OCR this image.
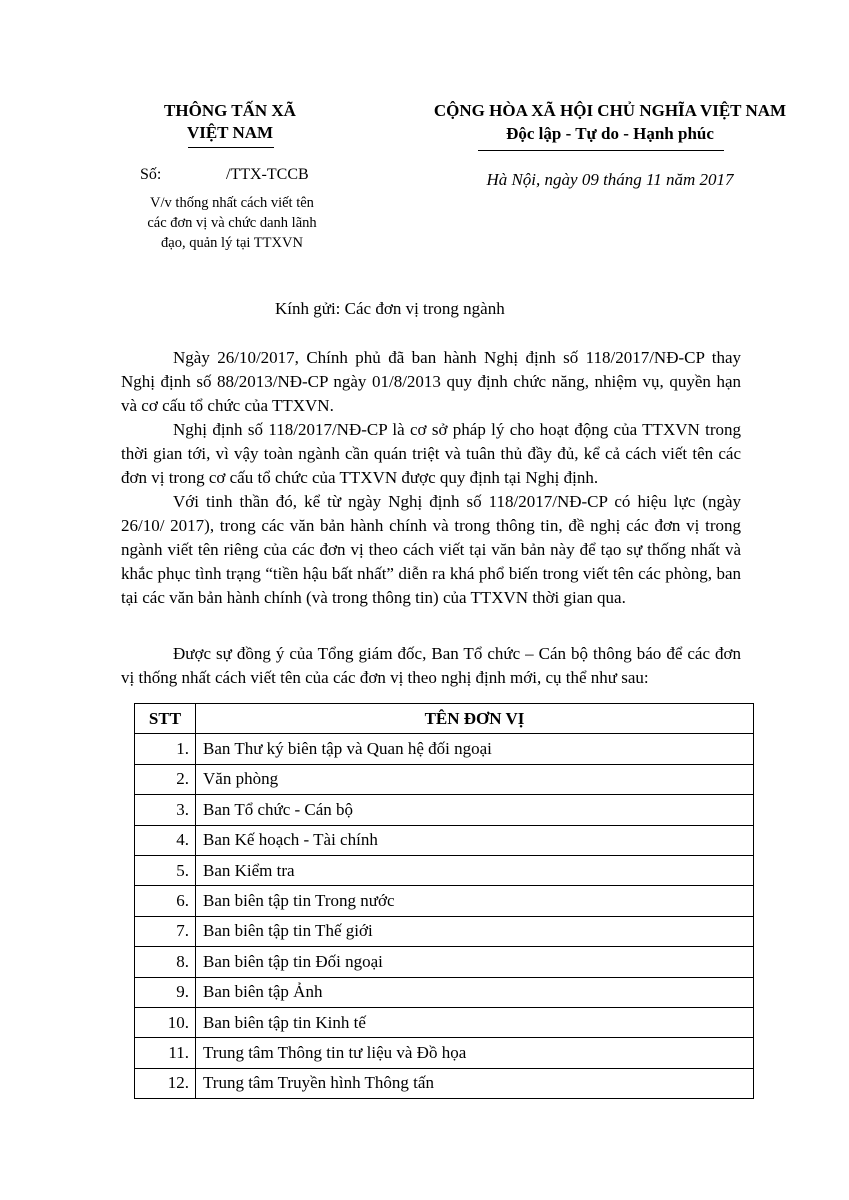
THÔNG TẤN XÃ
VIỆT NAM
Số:	/TTX-TCCB
V/v thống nhất cách viết tên
các đơn vị và chức danh lãnh
đạo, quản lý tại TTXVN
CỘNG HÒA XÃ HỘI CHỦ NGHĨA VIỆT NAM
Độc lập - Tự do - Hạnh phúc
Hà Nội, ngày 09 tháng 11 năm 2017
Kính gửi: Các đơn vị trong ngành
Ngày 26/10/2017, Chính phủ đã ban hành Nghị định số 118/2017/NĐ-CP thay Nghị định số 88/2013/NĐ-CP ngày 01/8/2013 quy định chức năng, nhiệm vụ, quyền hạn và cơ cấu tổ chức của TTXVN.
Nghị định số 118/2017/NĐ-CP là cơ sở pháp lý cho hoạt động của TTXVN trong thời gian tới, vì vậy toàn ngành cần quán triệt và tuân thủ đầy đủ, kể cả cách viết tên các đơn vị trong cơ cấu tổ chức của TTXVN được quy định tại Nghị định.
Với tinh thần đó, kể từ ngày Nghị định số 118/2017/NĐ-CP có hiệu lực (ngày 26/10/ 2017), trong các văn bản hành chính và trong thông tin, đề nghị các đơn vị trong ngành viết tên riêng của các đơn vị theo cách viết tại văn bản này để tạo sự thống nhất và khắc phục tình trạng “tiền hậu bất nhất” diễn ra khá phổ biến trong viết tên các phòng, ban tại các văn bản hành chính (và trong thông tin) của TTXVN thời gian qua.
Được sự đồng ý của Tổng giám đốc, Ban Tổ chức – Cán bộ thông báo để các đơn vị thống nhất cách viết tên của các đơn vị theo nghị định mới, cụ thể như sau:
STT	TÊN ĐƠN VỊ
1.	Ban Thư ký biên tập và Quan hệ đối ngoại
2.	Văn phòng
3.	Ban Tổ chức - Cán bộ
4.	Ban Kế hoạch - Tài chính
5.	Ban Kiểm tra
6.	Ban biên tập tin Trong nước
7.	Ban biên tập tin Thế giới
8.	Ban biên tập tin Đối ngoại
9.	Ban biên tập Ảnh
10.	Ban biên tập tin Kinh tế
11.	Trung tâm Thông tin tư liệu và Đồ họa
12.	Trung tâm Truyền hình Thông tấn
